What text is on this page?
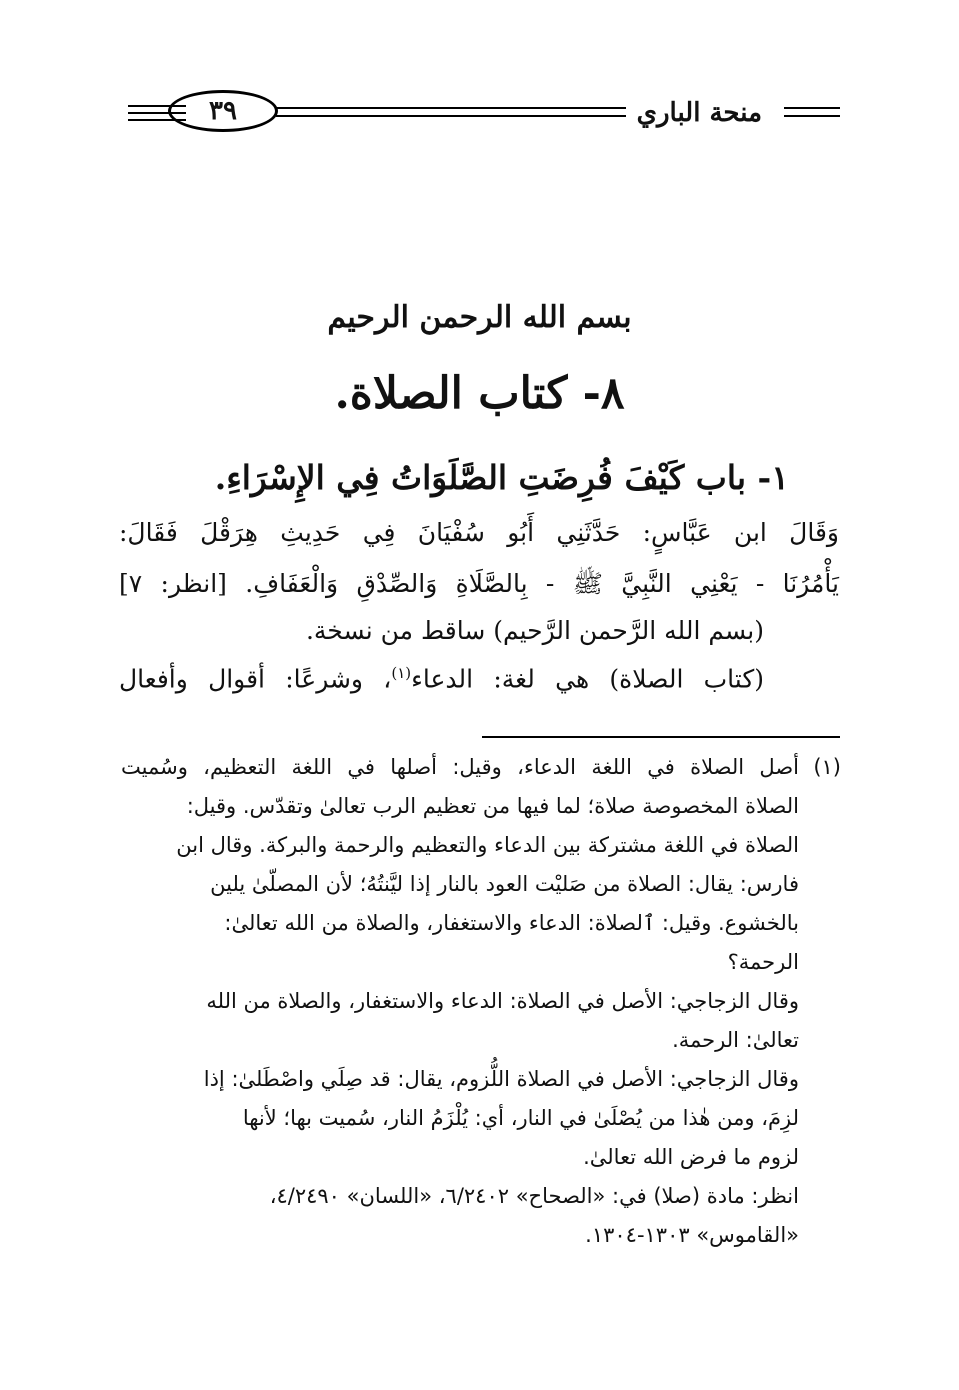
٣٩	منحة الباري
بسم الله الرحمن الرحيم
٨- كتاب الصلاة.
١- باب كَيْفَ فُرِضَتِ الصَّلَوَاتُ فِي الإِسْرَاءِ.
وَقَالَ ابن عَبَّاسٍ: حَدَّثَنِي أَبُو سُفْيَانَ فِي حَدِيثِ هِرَقْلَ فَقَالَ:
يَأْمُرُنَا - يَعْنِي النَّبِيَّ ﷺ - بِالصَّلَاةِ وَالصِّدْقِ وَالْعَفَافِ. [انظر: ٧]
(بسم الله الرَّحمن الرَّحيم) ساقط من نسخة.
(كتاب الصلاة) هي لغة: الدعاء$^{(١)}$، وشرعًا: أقوال وأفعال
(١)أصل الصلاة في اللغة الدعاء، وقيل: أصلها في اللغة التعظيم، وسُميت
الصلاة المخصوصة صلاة؛ لما فيها من تعظيم الرب تعالىٰ وتقدّس. وقيل:
الصلاة في اللغة مشتركة بين الدعاء والتعظيم والرحمة والبركة. وقال ابن
فارس: يقال: الصلاة من صَليْت العود بالنار إذا ليَّنتُهُ؛ لأن المصلّىٰ يلين
بالخشوع. وقيل: ٱلصلاة: الدعاء والاستغفار، والصلاة من الله تعالىٰ:
الرحمة؟
وقال الزجاجي: الأصل في الصلاة: الدعاء والاستغفار، والصلاة من الله
تعالىٰ: الرحمة.
وقال الزجاجي: الأصل في الصلاة اللُّزوم، يقال: قد صِلَي واصْطَلىٰ: إذا
لزِمَ، ومن هٰذا من يُصْلَىٰ في النار، أي: يُلْزَمُ النار، سُميت بها؛ لأنها
لزوم ما فرض الله تعالىٰ.
انظر: مادة (صلا) في: «الصحاح» ٦/٢٤٠٢، «اللسان» ٤/٢٤٩٠،
«القاموس» ١٣٠٣-١٣٠٤.
